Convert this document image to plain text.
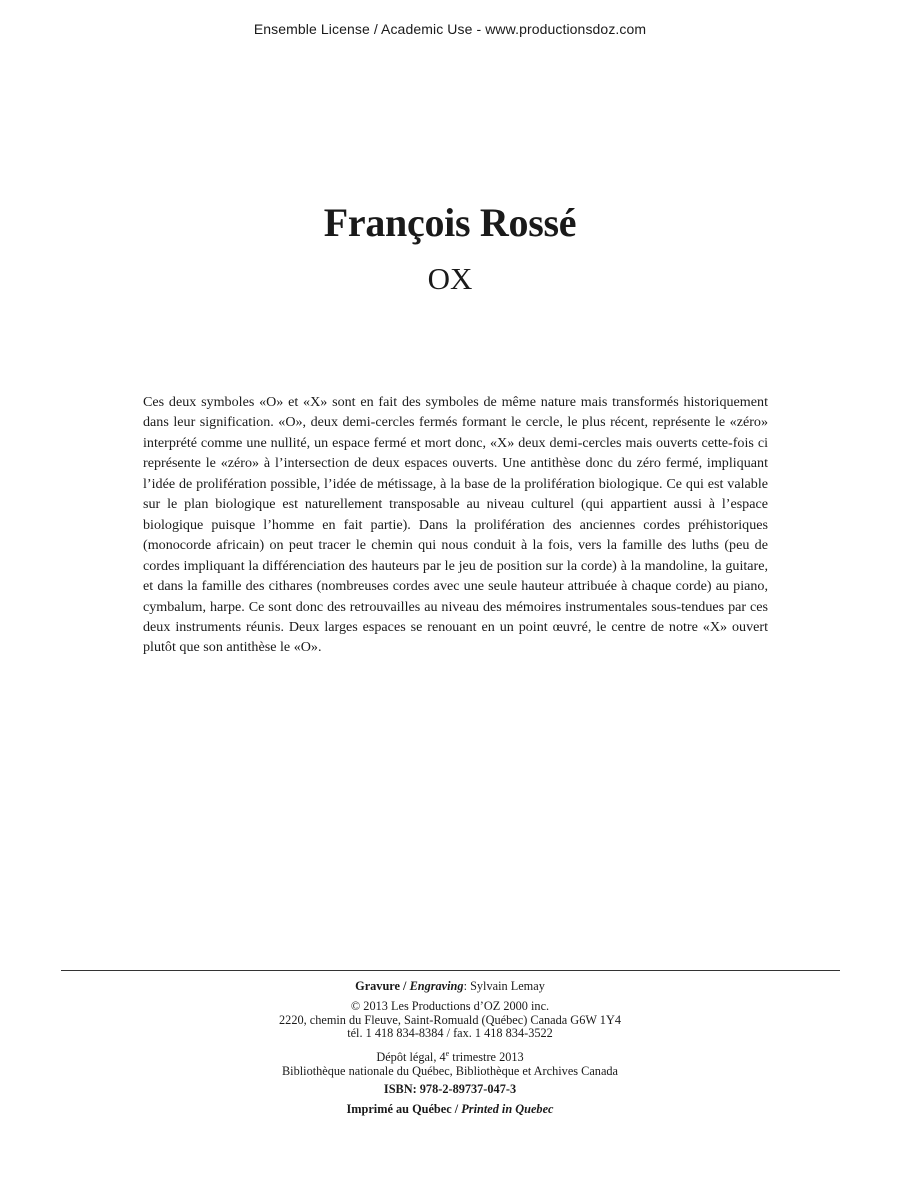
Ensemble License / Academic Use - www.productionsdoz.com
François Rossé
OX

Ces deux symboles «O» et «X» sont en fait des symboles de même nature mais transformés historiquement dans leur signification. «O», deux demi-cercles fermés formant le cercle, le plus récent, représente le «zéro» interprété comme une nullité, un espace fermé et mort donc, «X» deux demi-cercles mais ouverts cette-fois ci représente le «zéro» à l’intersection de deux espaces ouverts. Une antithèse donc du zéro fermé, impliquant l’idée de prolifération possible, l’idée de métissage, à la base de la prolifération biologique. Ce qui est valable sur le plan biologique est naturellement transposable au niveau culturel (qui appartient aussi à l’espace biologique puisque l’homme en fait partie). Dans la prolifération des anciennes cordes préhistoriques (monocorde africain) on peut tracer le chemin qui nous conduit à la fois, vers la famille des luths (peu de cordes impliquant la différenciation des hauteurs par le jeu de position sur la corde) à la mandoline, la guitare, et dans la famille des cithares (nombreuses cordes avec une seule hauteur attribuée à chaque corde) au piano, cymbalum, harpe. Ce sont donc des retrouvailles au niveau des mémoires instrumentales sous-tendues par ces deux instruments réunis. Deux larges espaces se renouant en un point œuvré, le centre de notre «X» ouvert plutôt que son antithèse le «O».

Gravure / Engraving: Sylvain Lemay
© 2013 Les Productions d’OZ 2000 inc.
2220, chemin du Fleuve, Saint-Romuald (Québec) Canada G6W 1Y4
tél. 1 418 834-8384 / fax. 1 418 834-3522
Dépôt légal, 4e trimestre 2013
Bibliothèque nationale du Québec, Bibliothèque et Archives Canada
ISBN: 978-2-89737-047-3
Imprimé au Québec / Printed in Quebec
